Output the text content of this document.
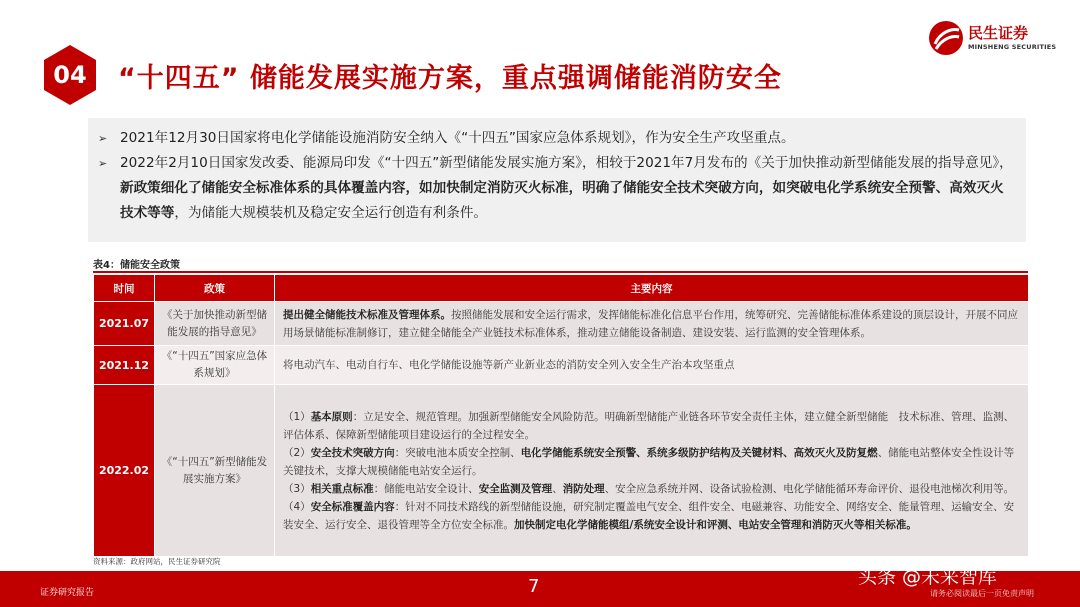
04	“十四五” 储能发展实施方案，重点强调储能消防安全
民生证券
MINSHENG SECURITIES
➢ 2021年12月30日国家将电化学储能设施消防安全纳入《“十四五”国家应急体系规划》，作为安全生产攻坚重点。
➢ 2022年2月10日国家发改委、能源局印发《“十四五”新型储能发展实施方案》，相较于2021年7月发布的《关于加快推动新型储能发展的指导意见》，新政策细化了储能安全标准体系的具体覆盖内容，如加快制定消防灭火标准，明确了储能安全技术突破方向，如突破电化学系统安全预警、高效灭火技术等等，为储能大规模装机及稳定安全运行创造有利条件。
表4：储能安全政策
时间	政策	主要内容
2021.07	《关于加快推动新型储能发展的指导意见》	提出健全储能技术标准及管理体系。按照储能发展和安全运行需求，发挥储能标准化信息平台作用，统筹研究、完善储能标准体系建设的顶层设计，开展不同应用场景储能标准制修订，建立健全储能全产业链技术标准体系，推动建立储能设备制造、建设安装、运行监测的安全管理体系。

2021.12	《“十四五”国家应急体系规划》	将电动汽车、电动自行车、电化学储能设施等新产业新业态的消防安全列入安全生产治本攻坚重点

2022.02	《“十四五”新型储能发展实施方案》	（1）基本原则：立足安全、规范管理。加强新型储能安全风险防范。明确新型储能产业链各环节安全责任主体，建立健全新型储能　技术标准、管理、监测、评估体系、保障新型储能项目建设运行的全过程安全。
（2）安全技术突破方向：突破电池本质安全控制、电化学储能系统安全预警、系统多级防护结构及关键材料、高效灭火及防复燃、储能电站整体安全性设计等关键技术，支撑大规模储能电站安全运行。
（3）相关重点标准：储能电站安全设计、安全监测及管理、消防处理、安全应急系统并网、设备试验检测、电化学储能循环寿命评价、退役电池梯次利用等。
（4）安全标准覆盖内容：针对不同技术路线的新型储能设施，研究制定覆盖电气安全、组件安全、电磁兼容、功能安全、网络安全、能量管理、运输安全、安装安全、运行安全、退役管理等全方位安全标准。加快制定电化学储能模组/系统安全设计和评测、电站安全管理和消防灭火等相关标准。
资料来源：政府网站，民生证券研究院
证券研究报告	7	头条 @未来智库
请务必阅读最后一页免责声明
